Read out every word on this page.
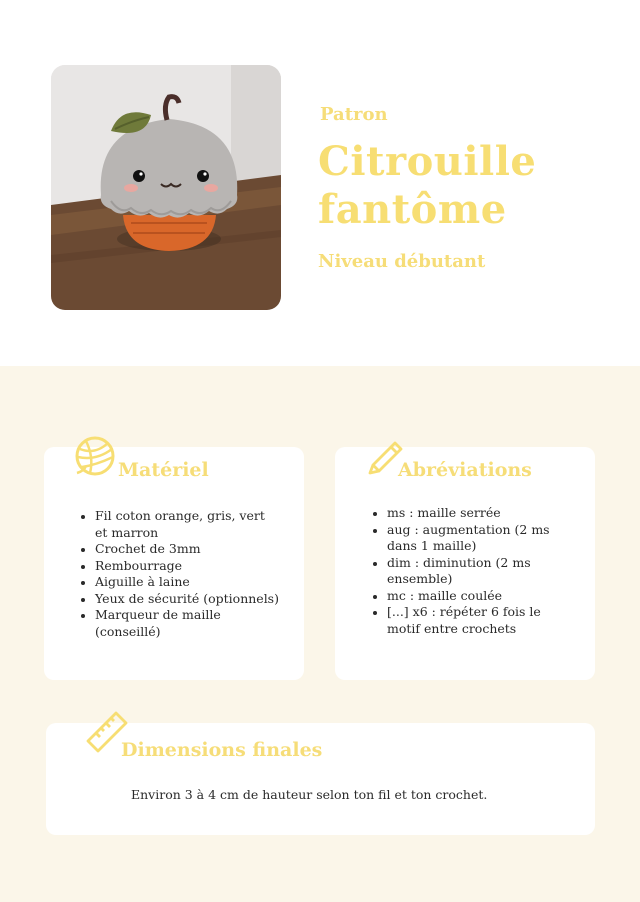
Patron
Citrouille
fantôme
Niveau débutant
Matériel
Fil coton orange, gris, vert et marron
Crochet de 3mm
Rembourrage
Aiguille à laine
Yeux de sécurité (optionnels)
Marqueur de maille (conseillé)
Abréviations
ms : maille serrée
aug : augmentation (2 ms dans 1 maille)
dim : diminution (2 ms ensemble)
mc : maille coulée
[...] x6 : répéter 6 fois le motif entre crochets
Dimensions finales
Environ 3 à 4 cm de hauteur selon ton fil et ton crochet.
